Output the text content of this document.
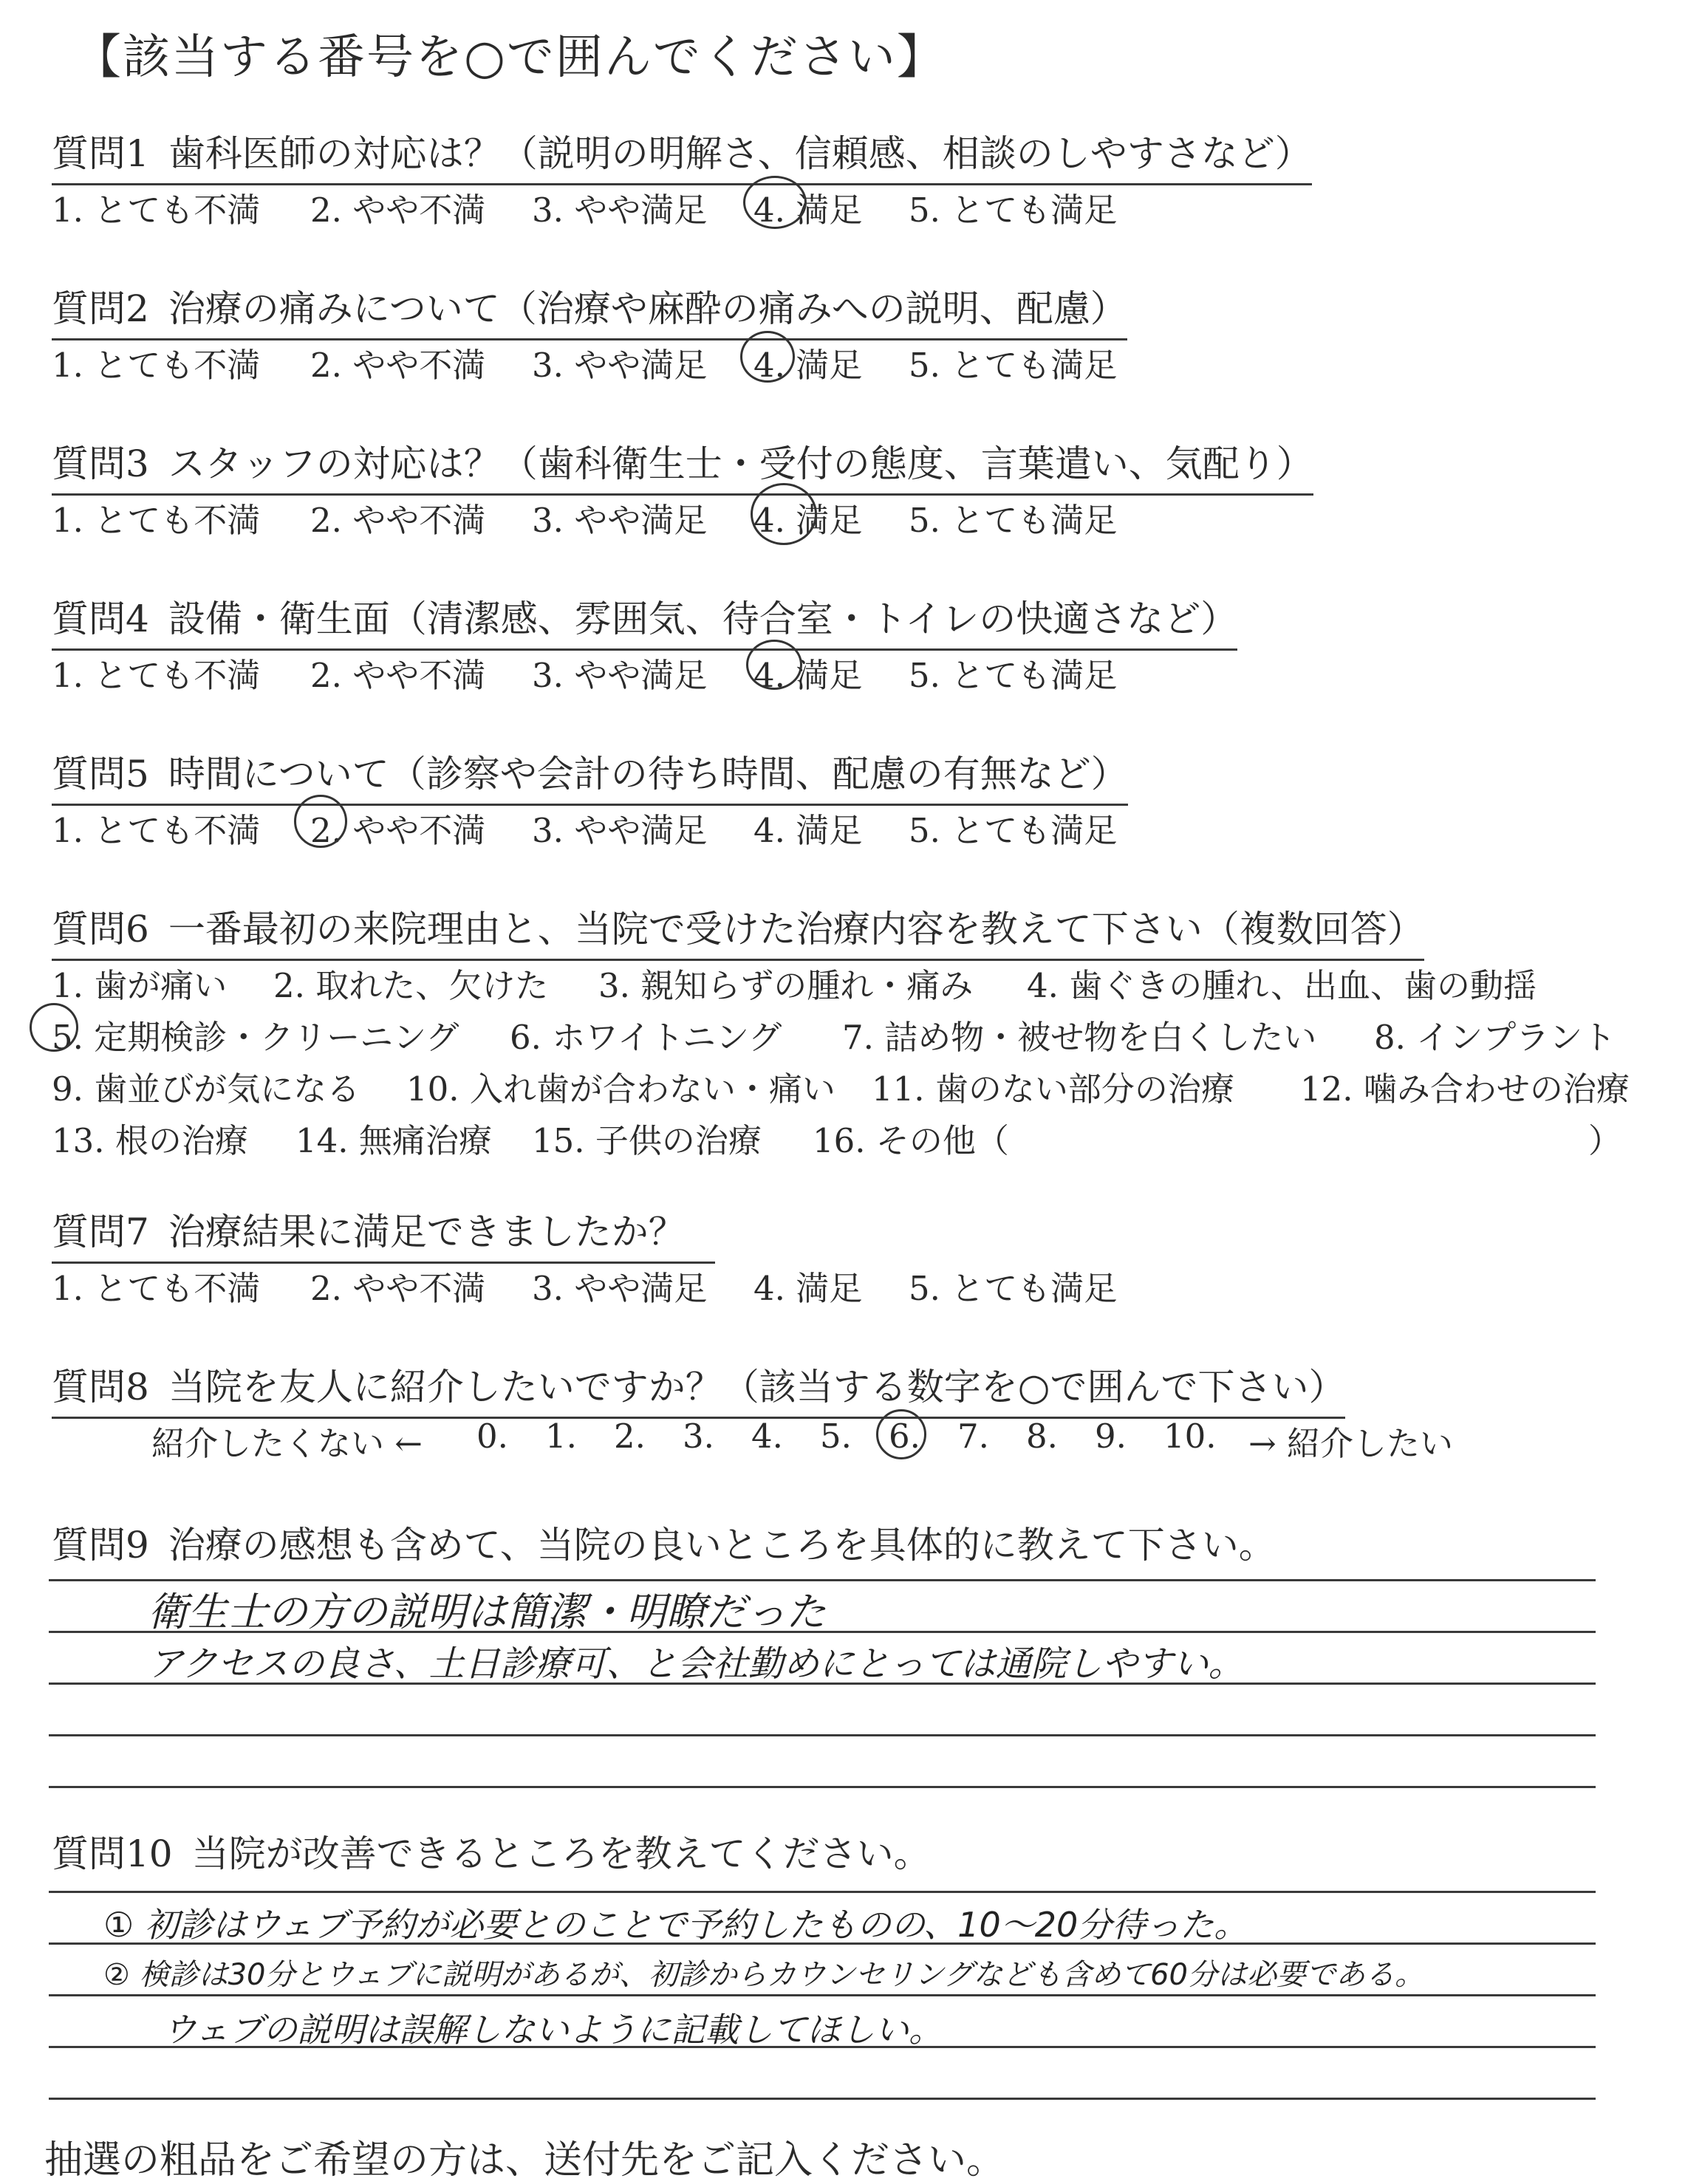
【該当する番号を○で囲んでください】
質問1 歯科医師の対応は？（説明の明解さ、信頼感、相談のしやすさなど）
1. とても不満 2. やや不満 3. やや満足 4. 満足 5. とても満足
質問2 治療の痛みについて（治療や麻酔の痛みへの説明、配慮）
1. とても不満 2. やや不満 3. やや満足 4. 満足 5. とても満足
質問3 スタッフの対応は？（歯科衛生士・受付の態度、言葉遣い、気配り）
1. とても不満 2. やや不満 3. やや満足 4. 満足 5. とても満足
質問4 設備・衛生面（清潔感、雰囲気、待合室・トイレの快適さなど）
1. とても不満 2. やや不満 3. やや満足 4. 満足 5. とても満足
質問5 時間について（診察や会計の待ち時間、配慮の有無など）
1. とても不満 2. やや不満 3. やや満足 4. 満足 5. とても満足
質問6 一番最初の来院理由と、当院で受けた治療内容を教えて下さい（複数回答）
1. 歯が痛い 2. 取れた、欠けた 3. 親知らずの腫れ・痛み 4. 歯ぐきの腫れ、出血、歯の動揺
5. 定期検診・クリーニング 6. ホワイトニング 7. 詰め物・被せ物を白くしたい 8. インプラント
9. 歯並びが気になる 10. 入れ歯が合わない・痛い 11. 歯のない部分の治療 12. 噛み合わせの治療
13. 根の治療 14. 無痛治療 15. 子供の治療 16. その他（	）
質問7 治療結果に満足できましたか？
1. とても不満 2. やや不満 3. やや満足 4. 満足 5. とても満足
質問8 当院を友人に紹介したいですか？（該当する数字を○で囲んで下さい）
紹介したくない ← 0. 1. 2. 3. 4. 5. 6. 7. 8. 9. 10. → 紹介したい
質問9 治療の感想も含めて、当院の良いところを具体的に教えて下さい。
衛生士の方の説明は簡潔・明瞭だった
アクセスの良さ、土日診療可、と会社勤めにとっては通院しやすい。
質問10 当院が改善できるところを教えてください。
① 初診はウェブ予約が必要とのことで予約したものの、10〜20分待った。
② 検診は30分とウェブに説明があるが、初診からカウンセリングなども含めて60分は必要である。
ウェブの説明は誤解しないように記載してほしい。
抽選の粗品をご希望の方は、送付先をご記入ください。
